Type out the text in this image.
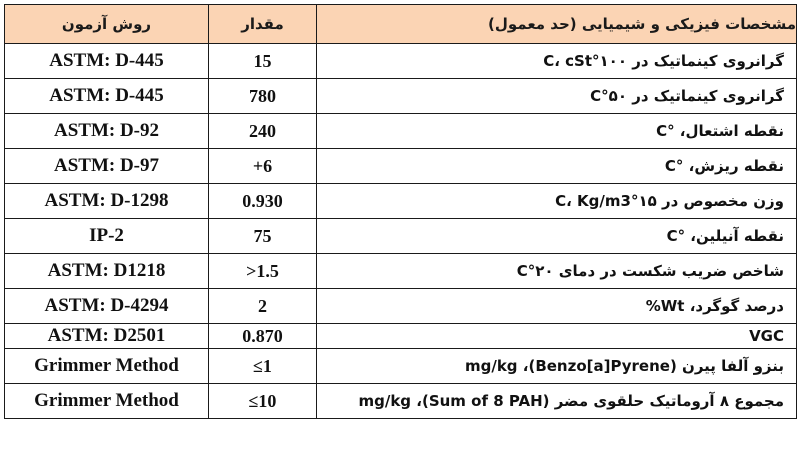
روش آزمون	مقدار	مشخصات فیزیکی و شیمیایی (حد معمول)
ASTM: D-445	15	گرانروی کینماتیک در ۱۰۰°C، cSt
ASTM: D-445	780	گرانروی کینماتیک در ۵۰°C
ASTM: D-92	240	نقطه اشتعال، °C
ASTM: D-97	+6	نقطه ریزش، °C
ASTM: D-1298	0.930	وزن مخصوص در ۱۵°C، Kg/m3
IP-2	75	نقطه آنیلین، °C
ASTM: D1218	>1.5	شاخص ضریب شکست در دمای ۲۰°C
ASTM: D-4294	2	درصد گوگرد، Wt%
ASTM: D2501	0.870	VGC
Grimmer Method	≤1	بنزو آلفا پیرن (Benzo[a]Pyrene)، mg/kg
Grimmer Method	≤10	مجموع ۸ آروماتیک حلقوی مضر (Sum of 8 PAH)، mg/kg
